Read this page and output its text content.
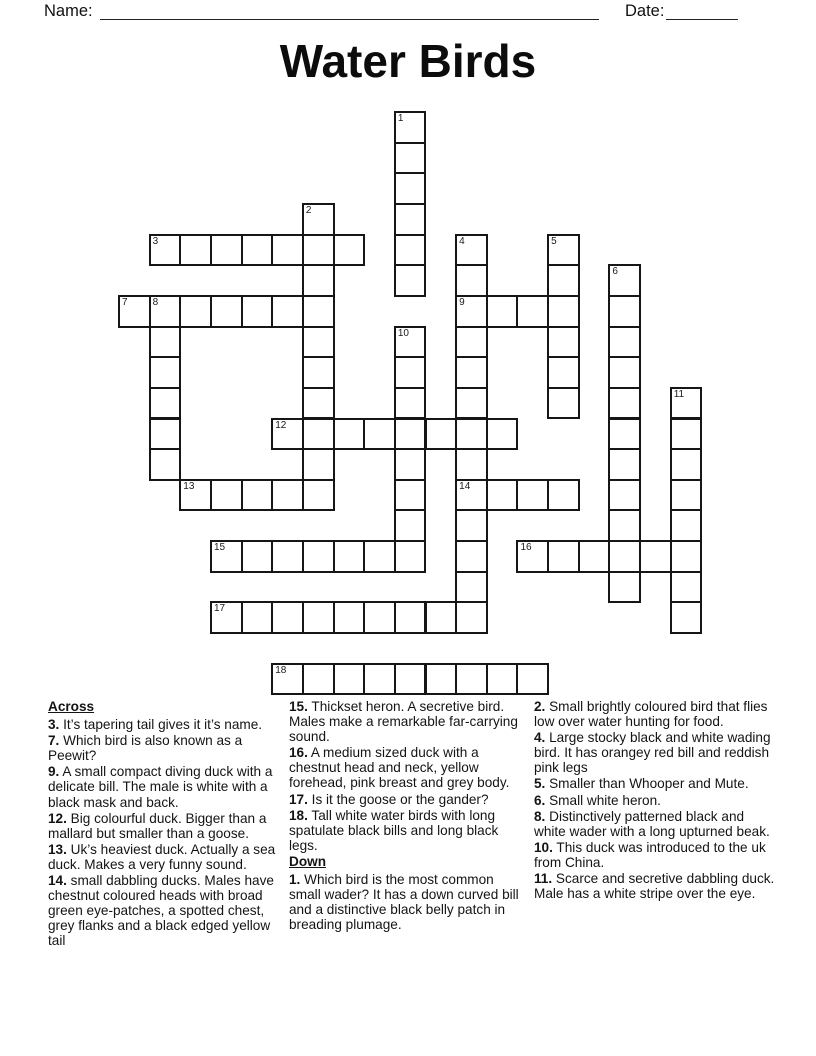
Name:	Date:
Water Birds
1
2
3	4
9
14
5
6
7	8
10
11
12
13
15	16
17
18

Across

3. It’s tapering tail gives it it’s name.

7. Which bird is also known as a Peewit?

9. A small compact diving duck with a delicate bill. The male is white with a black mask and back.

12. Big colourful duck. Bigger than a mallard but smaller than a goose.

13. Uk’s heaviest duck. Actually a sea duck. Makes a very funny sound.

14. small dabbling ducks. Males have chestnut coloured heads with broad green eye-patches, a spotted chest, grey flanks and a black edged yellow tail

15. Thickset heron. A secretive bird. Males make a remarkable far-carrying sound.

16. A medium sized duck with a chestnut head and neck, yellow forehead, pink breast and grey body.

17. Is it the goose or the gander?

18. Tall white water birds with long spatulate black bills and long black legs.

Down

1. Which bird is the most common small wader? It has a down curved bill and a distinctive black belly patch in breading plumage.

2. Small brightly coloured bird that flies low over water hunting for food.

4. Large stocky black and white wading bird. It has orangey red bill and reddish pink legs

5. Smaller than Whooper and Mute.

6. Small white heron.

8. Distinctively patterned black and white wader with a long upturned beak.

10. This duck was introduced to the uk from China.

11. Scarce and secretive dabbling duck. Male has a white stripe over the eye.
